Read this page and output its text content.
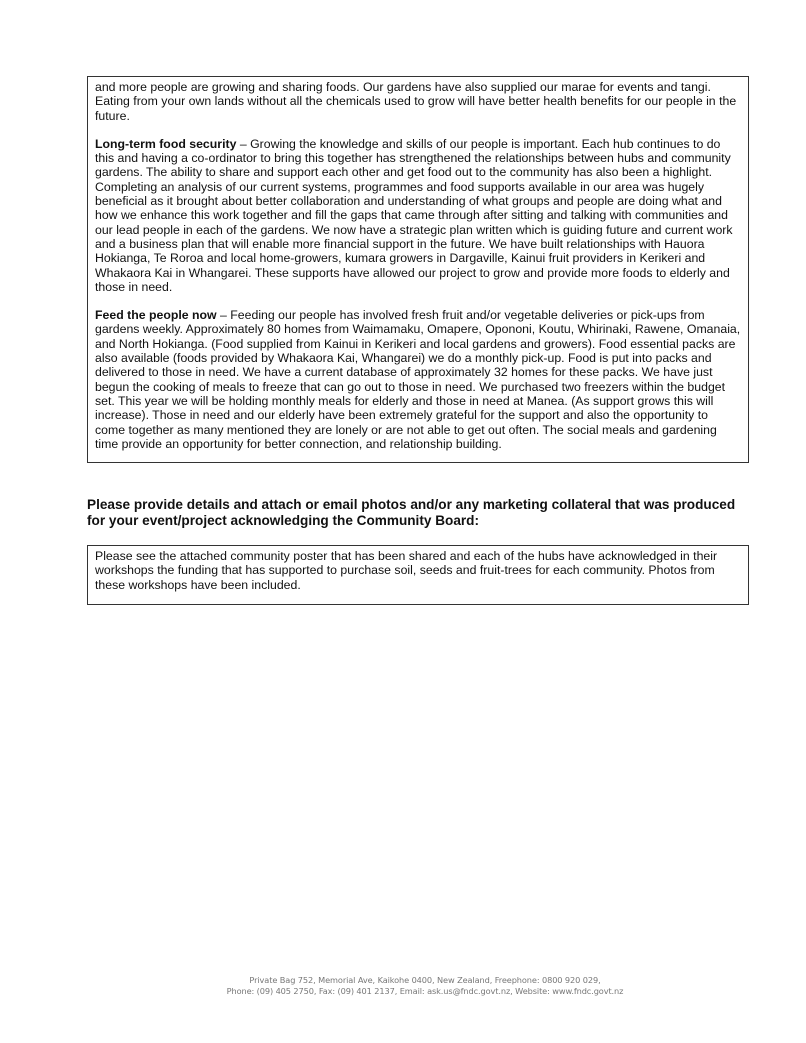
and more people are growing and sharing foods. Our gardens have also supplied our marae for events and tangi. Eating from your own lands without all the chemicals used to grow will have better health benefits for our people in the future.

Long-term food security – Growing the knowledge and skills of our people is important. Each hub continues to do this and having a co-ordinator to bring this together has strengthened the relationships between hubs and community gardens. The ability to share and support each other and get food out to the community has also been a highlight. Completing an analysis of our current systems, programmes and food supports available in our area was hugely beneficial as it brought about better collaboration and understanding of what groups and people are doing what and how we enhance this work together and fill the gaps that came through after sitting and talking with communities and our lead people in each of the gardens. We now have a strategic plan written which is guiding future and current work and a business plan that will enable more financial support in the future. We have built relationships with Hauora Hokianga, Te Roroa and local home-growers, kumara growers in Dargaville, Kainui fruit providers in Kerikeri and Whakaora Kai in Whangarei. These supports have allowed our project to grow and provide more foods to elderly and those in need.

Feed the people now – Feeding our people has involved fresh fruit and/or vegetable deliveries or pick-ups from gardens weekly. Approximately 80 homes from Waimamaku, Omapere, Opononi, Koutu, Whirinaki, Rawene, Omanaia, and North Hokianga. (Food supplied from Kainui in Kerikeri and local gardens and growers). Food essential packs are also available (foods provided by Whakaora Kai, Whangarei) we do a monthly pick-up. Food is put into packs and delivered to those in need. We have a current database of approximately 32 homes for these packs. We have just begun the cooking of meals to freeze that can go out to those in need. We purchased two freezers within the budget set. This year we will be holding monthly meals for elderly and those in need at Manea. (As support grows this will increase). Those in need and our elderly have been extremely grateful for the support and also the opportunity to come together as many mentioned they are lonely or are not able to get out often. The social meals and gardening time provide an opportunity for better connection, and relationship building.

Please provide details and attach or email photos and/or any marketing collateral that was produced for your event/project acknowledging the Community Board:

Please see the attached community poster that has been shared and each of the hubs have acknowledged in their workshops the funding that has supported to purchase soil, seeds and fruit-trees for each community. Photos from these workshops have been included.

Private Bag 752, Memorial Ave, Kaikohe 0400, New Zealand, Freephone: 0800 920 029,
Phone: (09) 405 2750, Fax: (09) 401 2137, Email: ask.us@fndc.govt.nz, Website: www.fndc.govt.nz
